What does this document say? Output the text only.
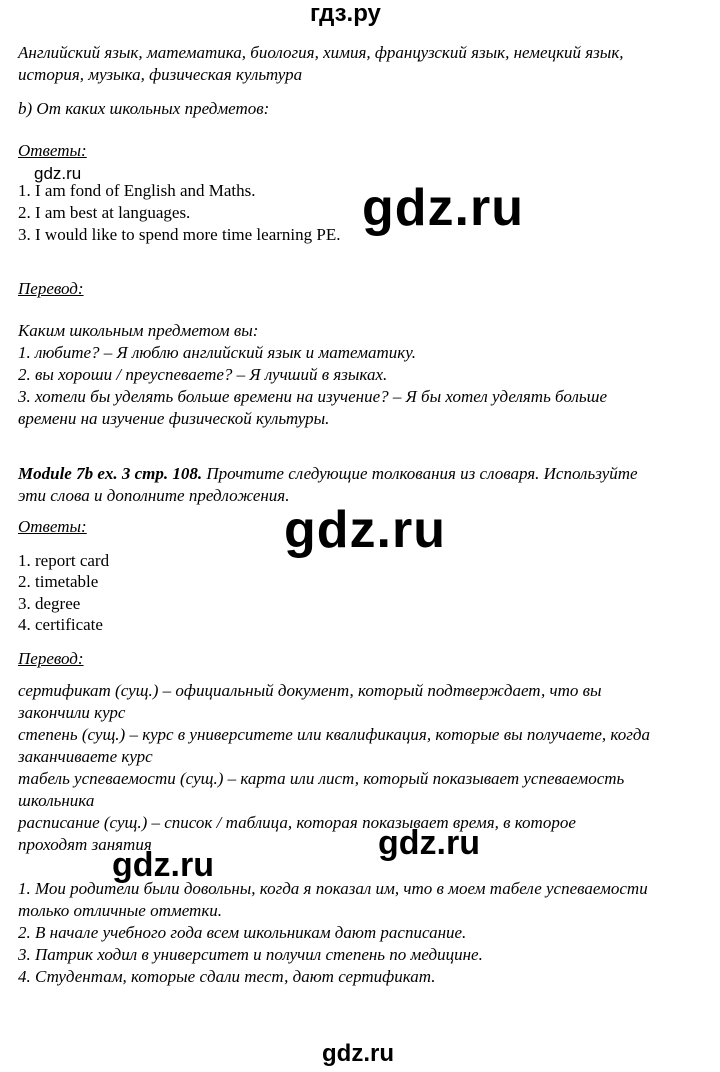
гдз.ру
Английский язык, математика, биология, химия, французский язык, немецкий язык,
история, музыка, физическая культура
b) От каких школьных предметов:
Ответы:
gdz.ru
1. I am fond of English and Maths.
2. I am best at languages.
3. I would like to spend more time learning PE. gdz.ru
Перевод:
Каким школьным предметом вы:
1. любите? – Я люблю английский язык и математику.
2. вы хороши / преуспеваете? – Я лучший в языках.
3. хотели бы уделять больше времени на изучение? – Я бы хотел уделять больше
времени на изучение физической культуры.
Module 7b ex. 3 стр. 108. Прочтите следующие толкования из словаря. Используйте
эти слова и дополните предложения.
Ответы:	gdz.ru
1. report card
2. timetable
3. degree
4. certificate
Перевод:
сертификат (сущ.) – официальный документ, который подтверждает, что вы
закончили курс
степень (сущ.) – курс в университете или квалификация, которые вы получаете, когда
заканчиваете курс
табель успеваемости (сущ.) – карта или лист, который показывает успеваемость
школьника
расписание (сущ.) – список / таблица, которая показывает время, в которое
проходят занятия
gdz.ru
gdz.ru
1. Мои родители были довольны, когда я показал им, что в моем табеле успеваемости
только отличные отметки.
2. В начале учебного года всем школьникам дают расписание.
3. Патрик ходил в университет и получил степень по медицине.
4. Студентам, которые сдали тест, дают сертификат.
gdz.ru
